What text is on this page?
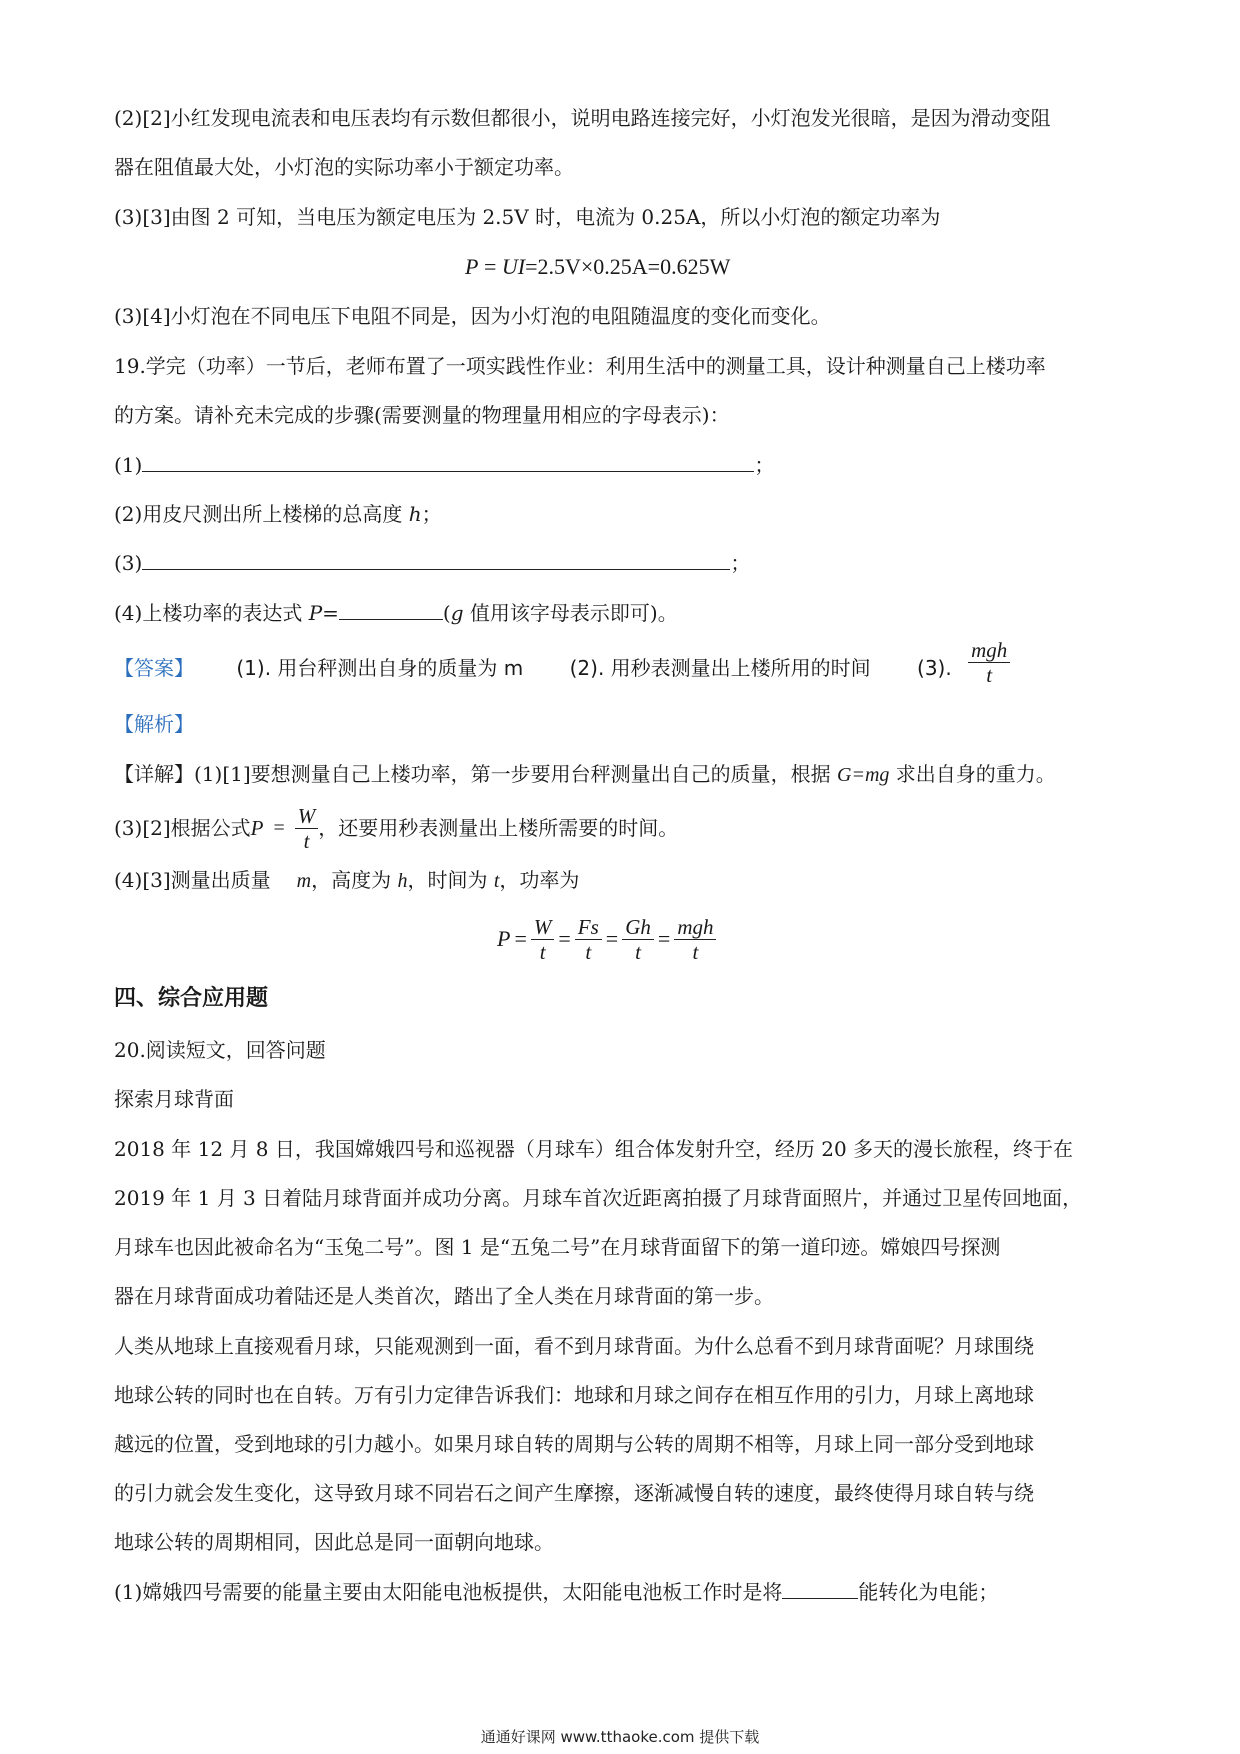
(2)[2]小红发现电流表和电压表均有示数但都很小，说明电路连接完好，小灯泡发光很暗，是因为滑动变阻
器在阻值最大处，小灯泡的实际功率小于额定功率。
(3)[3]由图 2 可知，当电压为额定电压为 2.5V 时，电流为 0.25A，所以小灯泡的额定功率为
P = UI=2.5V×0.25A=0.625W
(3)[4]小灯泡在不同电压下电阻不同是，因为小灯泡的电阻随温度的变化而变化。
19.学完（功率）一节后，老师布置了一项实践性作业：利用生活中的测量工具，设计种测量自己上楼功率
的方案。请补充未完成的步骤(需要测量的物理量用相应的字母表示)：
(1)	；
(2)用皮尺测出所上楼梯的总高度 h；
(3)	；
(4)上楼功率的表达式 P=	(g 值用该字母表示即可)。
【答案】 (1). 用台秤测出自身的质量为 m (2). 用秒表测量出上楼所用的时间 (3). $\frac{\text{mgh}}{t}$
【解析】
【详解】(1)[1]要想测量自己上楼功率，第一步要用台秤测量出自己的质量，根据 G=mg 求出自身的重力。
(3)[2]根据公式 $P = \frac{W}{t}$ ，还要用秒表测量出上楼所需要的时间。
(4)[3]测量出质量 m，高度为 h，时间为 t，功率为
$P = \frac{W}{t} = \frac{Fs}{t} = \frac{Gh}{t} = \frac{\text{mgh}}{t}$
四、综合应用题
20.阅读短文，回答问题
探索月球背面
2018 年 12 月 8 日，我国嫦娥四号和巡视器（月球车）组合体发射升空，经历 20 多天的漫长旅程，终于在
2019 年 1 月 3 日着陆月球背面并成功分离。月球车首次近距离拍摄了月球背面照片，并通过卫星传回地面，
月球车也因此被命名为“玉兔二号”。图 1 是“五兔二号”在月球背面留下的第一道印迹。嫦娘四号探测
器在月球背面成功着陆还是人类首次，踏出了全人类在月球背面的第一步。
人类从地球上直接观看月球，只能观测到一面，看不到月球背面。为什么总看不到月球背面呢？月球围绕
地球公转的同时也在自转。万有引力定律告诉我们：地球和月球之间存在相互作用的引力，月球上离地球
越远的位置，受到地球的引力越小。如果月球自转的周期与公转的周期不相等，月球上同一部分受到地球
的引力就会发生变化，这导致月球不同岩石之间产生摩擦，逐渐减慢自转的速度，最终使得月球自转与绕
地球公转的周期相同，因此总是同一面朝向地球。
(1)嫦娥四号需要的能量主要由太阳能电池板提供，太阳能电池板工作时是将	能转化为电能；
通通好课网 www.tthaoke.com 提供下载
